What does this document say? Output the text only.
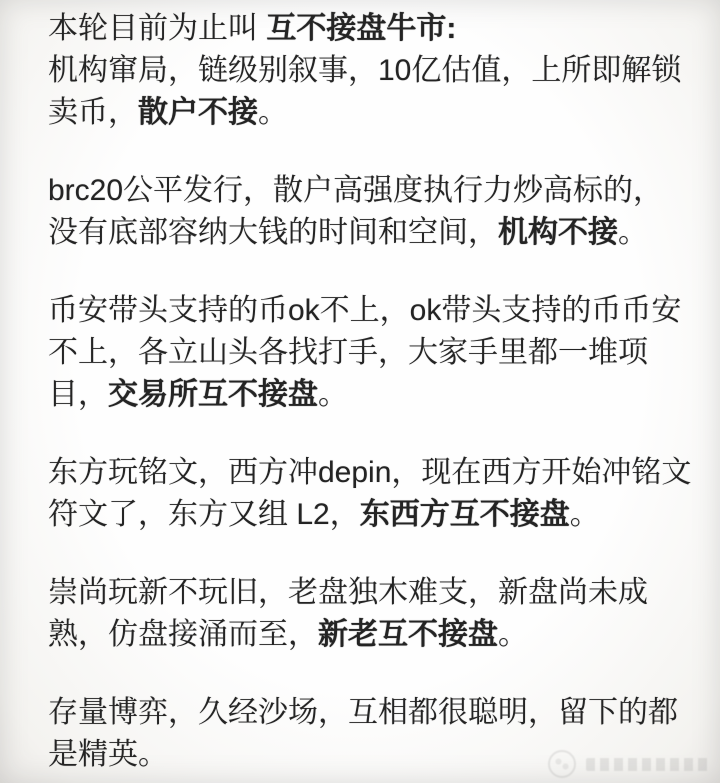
本轮目前为止叫 互不接盘牛市:
机构窜局，链级别叙事，10亿估值，上所即解锁
卖币，散户不接。
brc20公平发行，散户高强度执行力炒高标的，
没有底部容纳大钱的时间和空间，机构不接。
币安带头支持的币ok不上，ok带头支持的币币安
不上，各立山头各找打手，大家手里都一堆项
目，交易所互不接盘。
东方玩铭文，西方冲depin，现在西方开始冲铭文
符文了，东方又组 L2，东西方互不接盘。
崇尚玩新不玩旧，老盘独木难支，新盘尚未成
熟，仿盘接涌而至，新老互不接盘。
存量博弈，久经沙场，互相都很聪明，留下的都
是精英。
